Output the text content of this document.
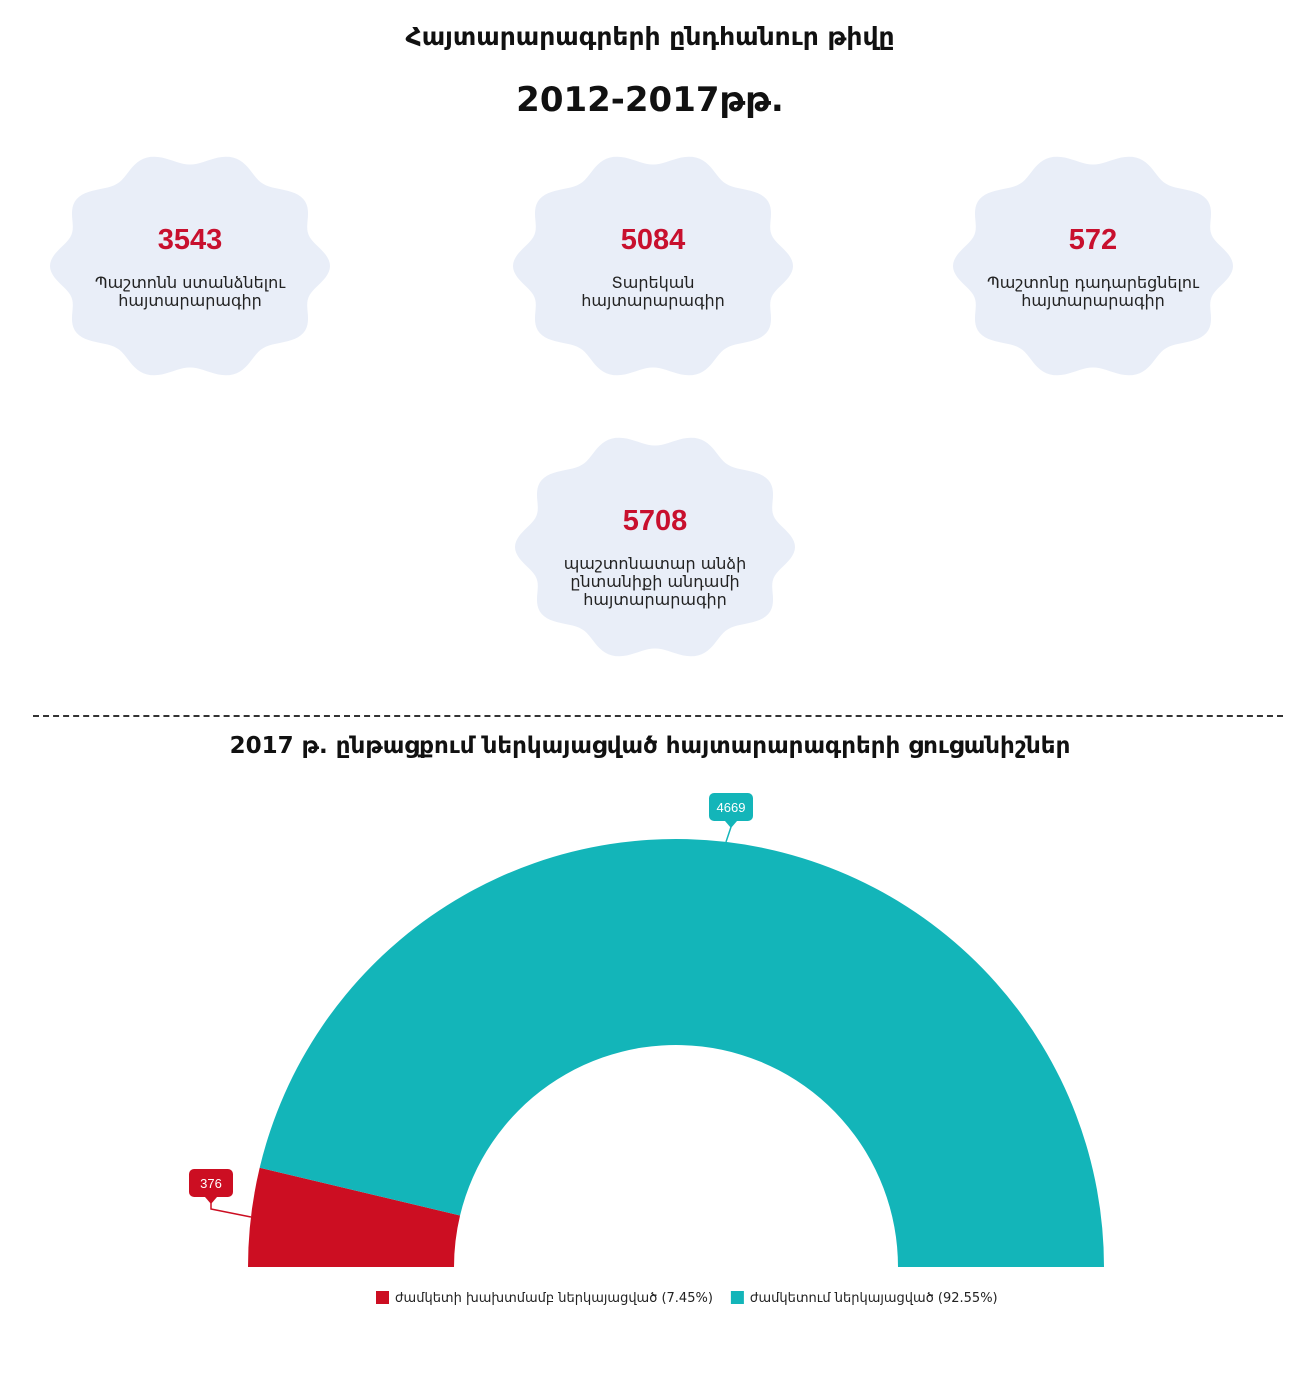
Հայտարարագրերի ընդհանուր թիվը
2012-2017թթ.
3543
Պաշտոնն ստանձնելու հայտարարագիր
5084
Տարեկան հայտարարագիր
572
Պաշտոնը դադարեցնելու հայտարարագիր
5708
պաշտոնատար անձի ընտանիքի անդամի հայտարարագիր
2017 թ. ընթացքում ներկայացված հայտարարագրերի ցուցանիշներ
376
4669
ժամկետի խախտմամբ ներկայացված (7.45%)	ժամկետում ներկայացված (92.55%)
